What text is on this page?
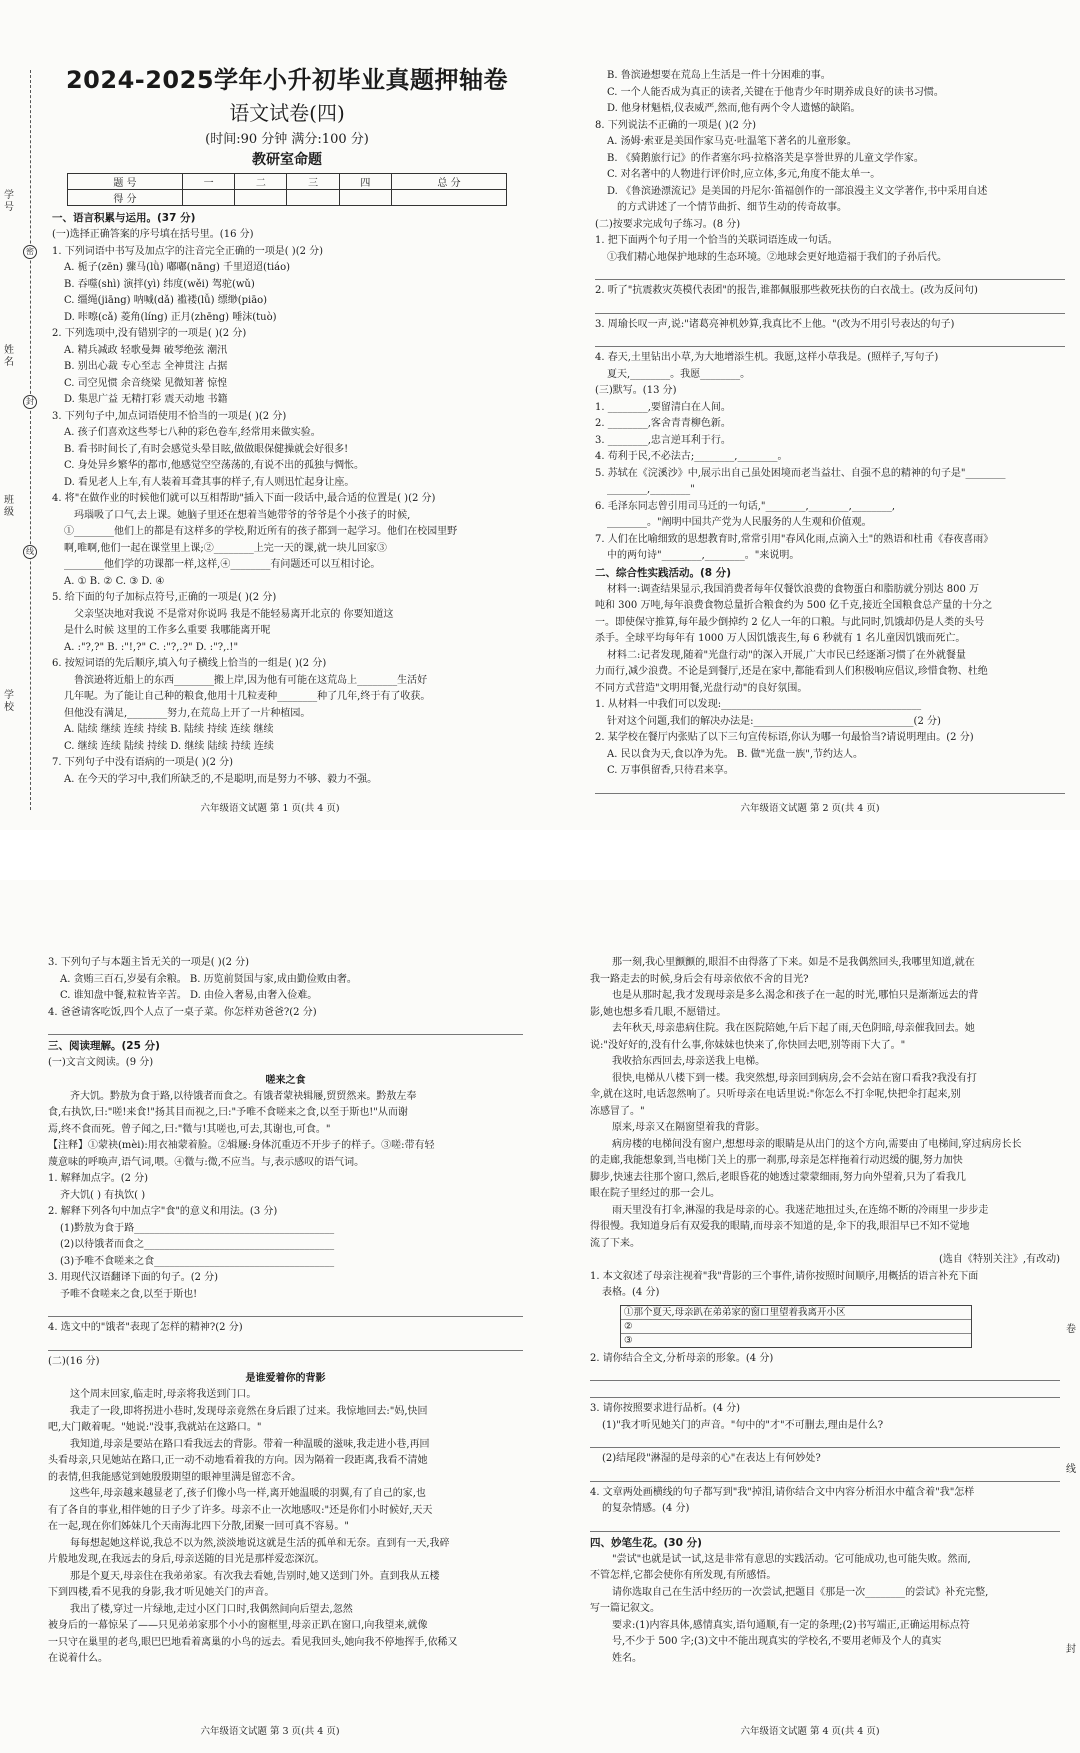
学号
姓名
班级
学校
密
封
线
2024-2025学年小升初毕业真题押轴卷
语文试卷(四)
(时间:90 分钟 满分:100 分)
教研室命题
题 号	一	二	三	四	总 分
得 分					
一、语言积累与运用。(37 分)
(一)选择正确答案的序号填在括号里。(16 分)
1. 下列词语中书写及加点字的注音完全正确的一项是( )(2 分)
A. 栀子(zēn) 骤马(lǜ) 嘟嘟(nāng) 千里迢迢(tiáo)
B. 吞噬(shì) 演拌(yì) 纬度(wěi) 驾驼(wǔ)
C. 缰绳(jiāng) 呐喊(dǎ) 褴褛(lǚ) 缥缈(piāo)
D. 咔嚓(cǎ) 菱角(líng) 正月(zhēng) 唾沫(tuò)
2. 下列选项中,没有错别字的一项是( )(2 分)
A. 精兵减政 轻歌曼舞 破琴绝弦 潮汛
B. 别出心裁 专心至志 全神贯注 占据
C. 司空见惯 余音绕梁 见微知著 惊惶
D. 集思广益 无精打彩 震天动地 书籍
3. 下列句子中,加点词语使用不恰当的一项是( )(2 分)
A. 孩子们喜欢这些琴七八种的彩色卷车,经常用来做实验。
B. 看书时间长了,有时会感觉头晕目眩,做做眼保健操就会好很多!
C. 身处异乡繁华的都市,他感觉空空荡荡的,有说不出的孤独与惆怅。
D. 看见老人上车,有人装着耳聋其事的样子,有人则迅忙起身让座。
4. 将"在做作业的时候他们就可以互相帮助"插入下面一段话中,最合适的位置是( )(2 分)
玛瑙吸了口气,去上课。她脑子里还在想着当她带爷的爷爷是个小孩子的时候,
①________他们上的都是有这样多的学校,附近所有的孩子都到一起学习。他们在校园里野
啊,唯啊,他们一起在课堂里上课;②________上完一天的课,就一块儿回家③
________他们学的功课都一样,这样,④________有问题还可以互相讨论。
A. ① B. ② C. ③ D. ④
5. 给下面的句子加标点符号,正确的一项是( )(2 分)
父亲坚决地对我说 不是常对你说吗 我是不能轻易离开北京的 你要知道这
是什么时候 这里的工作多么重要 我哪能离开呢
A. :"?,?" B. :"!,?" C. :"?,.?" D. :"?,.!"
6. 按短词语的先后顺序,填入句子横线上恰当的一组是( )(2 分)
鲁滨逊将近船上的东西________搬上岸,因为他有可能在这荒岛上________生活好
几年呢。为了能让自己种的粮食,他用十几粒麦种________种了几年,终于有了收获。
但他没有满足,________努力,在荒岛上开了一片种植园。
A. 陆续 继续 连续 持续 B. 陆续 持续 连续 继续
C. 继续 连续 陆续 持续 D. 继续 陆续 持续 连续
7. 下列句子中没有语病的一项是( )(2 分)
A. 在今天的学习中,我们所缺乏的,不是聪明,而是努力不够、毅力不强。
六年级语文试题 第 1 页(共 4 页)
B. 鲁滨逊想要在荒岛上生活是一件十分困难的事。
C. 一个人能否成为真正的读者,关键在于他青少年时期养成良好的读书习惯。
D. 他身材魁梧,仪表威严,然而,他有两个令人遗憾的缺陷。
8. 下列说法不正确的一项是( )(2 分)
A. 汤姆·索亚是美国作家马克·吐温笔下著名的儿童形象。
B. 《骑鹅旅行记》的作者塞尔玛·拉格洛芙是享誉世界的儿童文学作家。
C. 对名著中的人物进行评价时,应立体,多元,角度不能太单一。
D. 《鲁滨逊漂流记》是美国的丹尼尔·笛福创作的一部浪漫主义文学著作,书中采用自述
的方式讲述了一个情节曲折、细节生动的传奇故事。
(二)按要求完成句子练习。(8 分)
1. 把下面两个句子用一个恰当的关联词语连成一句话。
①我们精心地保护地球的生态环境。②地球会更好地造福于我们的子孙后代。
2. 听了"抗震救灾英模代表团"的报告,谁都佩服那些救死扶伤的白衣战士。(改为反问句)
3. 周瑜长叹一声,说:"诸葛亮神机妙算,我真比不上他。"(改为不用引号表达的句子)
4. 春天,土里钻出小草,为大地增添生机。我愿,这样小草我是。(照样子,写句子)
夏天,________。我愿________。
(三)默写。(13 分)
1. ________,要留清白在人间。
2. ________,客舍青青柳色新。
3. ________,忠言逆耳利于行。
4. 苟利于民,不必法古;________,________。
5. 苏轼在《浣溪沙》中,展示出自己虽处困境而老当益壮、自强不息的精神的句子是"________
________,________"
6. 毛泽东同志曾引用司马迁的一句话,"________,________,________,
________。"阐明中国共产党为人民服务的人生观和价值观。
7. 人们在比喻细致的思想教育时,常常引用"春风化雨,点滴入土"的熟语和杜甫《春夜喜雨》
中的两句诗"________,________。"来说明。
二、综合性实践活动。(8 分)
材料一:调查结果显示,我国消费者每年仅餐饮浪费的食物蛋白和脂肪就分别达 800 万
吨和 300 万吨,每年浪费食物总量折合粮食约为 500 亿千克,接近全国粮食总产量的十分之
一。即使保守推算,每年最少倒掉约 2 亿人一年的口粮。与此同时,饥饿却仍是人类的头号
杀手。全球平均每年有 1000 万人因饥饿丧生,每 6 秒就有 1 名儿童因饥饿而死亡。
材料二:记者发现,随着"光盘行动"的深入开展,广大市民已经逐渐习惯了在外就餐量
力而行,减少浪费。不论是到餐厅,还是在家中,都能看到人们积极响应倡议,珍惜食物、杜绝
不同方式营造"文明用餐,光盘行动"的良好氛围。
1. 从材料一中我们可以发现:________________________________________
针对这个问题,我们的解决办法是:________________________________(2 分)
2. 某学校在餐厅内张贴了以下三句宣传标语,你认为哪一句最恰当?请说明理由。(2 分)
A. 民以食为天,食以净为先。 B. 做"光盘一族",节约达人。
C. 万事俱留香,只待君来享。
六年级语文试题 第 2 页(共 4 页)
3. 下列句子与本题主旨无关的一项是( )(2 分)
A. 贪贿三百石,岁晏有余粮。 B. 历览前贤国与家,成由勤俭败由奢。
C. 谁知盘中餐,粒粒皆辛苦。 D. 由俭入奢易,由奢入俭难。
4. 爸爸请客吃饭,四个人点了一桌子菜。你怎样劝爸爸?(2 分)
三、阅读理解。(25 分)
(一)文言文阅读。(9 分)
嗟来之食
齐大饥。黔敖为食于路,以待饿者而食之。有饿者蒙袂辑屦,贸贸然来。黔敖左奉
食,右执饮,曰:"嗟!来食!"扬其目而视之,曰:"予唯不食嗟来之食,以至于斯也!"从而谢
焉,终不食而死。曾子闻之,曰:"微与!其嗟也,可去,其谢也,可食。"
【注释】①蒙袂(mèi):用衣袖蒙着脸。②辑屦:身体沉重迈不开步子的样子。③嗟:带有轻
蔑意味的呼唤声,语气词,喂。④微与:微,不应当。与,表示感叹的语气词。
1. 解释加点字。(2 分)
齐大饥( ) 有执饮( )
2. 解释下列各句中加点字"食"的意义和用法。(3 分)
(1)黔敖为食于路________________________________________
(2)以待饿者而食之______________________________________
(3)予唯不食嗟来之食____________________________________
3. 用现代汉语翻译下面的句子。(2 分)
予唯不食嗟来之食,以至于斯也!
4. 选文中的"饿者"表现了怎样的精神?(2 分)
(二)(16 分)
是谁爱着你的背影
这个周末回家,临走时,母亲将我送到门口。
我走了一段,即将拐进小巷时,发现母亲竟然在身后跟了过来。我惊地回去:"妈,快回
吧,大门敞着呢。"她说:"没事,我就站在这路口。"
我知道,母亲是要站在路口看我远去的背影。带着一种温暖的滋味,我走进小巷,再回
头看母亲,只见她站在路口,正一动不动地看着我的方向。因为隔着一段距离,我看不清她
的表情,但我能感觉到她殷殷期望的眼神里满是留恋不舍。
这些年,母亲越来越显老了,孩子们像小鸟一样,离开她温暖的羽翼,有了自己的家,也
有了各自的事业,相伴她的日子少了许多。母亲不止一次地感叹:"还是你们小时候好,天天
在一起,现在你们姊妹几个天南海北四下分散,团聚一回可真不容易。"
每每想起她这样说,我总不以为然,淡淡地说这就是生活的孤单和无奈。直到有一天,我碎
片般地发现,在我远去的身后,母亲送随的目光是那样爱恋深沉。
那是个夏天,母亲住在我弟弟家。有次我去看她,告别时,她又送到门外。直到我从五楼
下到四楼,看不见我的身影,我才听见她关门的声音。
我出了楼,穿过一片绿地,走过小区门口时,我偶然间向后望去,忽然
被身后的一幕惊呆了——只见弟弟家那个小小的窗框里,母亲正趴在窗口,向我望来,就像
一只守在巢里的老鸟,眼巴巴地看着离巢的小鸟的远去。看见我回头,她向我不停地挥手,依稀又
在说着什么。
六年级语文试题 第 3 页(共 4 页)
卷
线
封
那一刻,我心里颤颤的,眼泪不由得落了下来。如是不是我偶然回头,我哪里知道,就在
我一路走去的时候,身后会有母亲依依不舍的目光?
也是从那时起,我才发现母亲是多么渴念和孩子在一起的时光,哪怕只是渐渐远去的背
影,她也想多看几眼,不愿错过。
去年秋天,母亲患病住院。我在医院陪她,午后下起了雨,天色阴暗,母亲催我回去。她
说:"没好好的,没有什么事,你妹妹也快来了,你快回去吧,别等雨下大了。"
我收拾东西回去,母亲送我上电梯。
很快,电梯从八楼下到一楼。我突然想,母亲回到病房,会不会站在窗口看我?我没有打
伞,就在这时,电话忽然响了。只听母亲在电话里说:"你怎么不打伞呢,快把伞打起来,别
冻感冒了。"
原来,母亲又在隔窗望着我的背影。
病房楼的电梯间没有窗户,想想母亲的眼睛是从出门的这个方向,需要由了电梯间,穿过病房长长
的走廊,我能想象到,当电梯门关上的那一刹那,母亲是怎样拖着行动迟缓的腿,努力加快
脚步,快速去往那个窗口,然后,老眼昏花的她透过蒙蒙细雨,努力向外望着,只为了看我几
眼在院子里经过的那一会儿。
雨天里没有打伞,淋湿的我是母亲的心。我迷茫地扭过头,在连绵不断的冷雨里一步步走
得很慢。我知道身后有双爱我的眼睛,而母亲不知道的是,伞下的我,眼泪早已不知不觉地
流了下来。
(选自《特别关注》,有改动)
1. 本文叙述了母亲注视着"我"背影的三个事件,请你按照时间顺序,用概括的语言补充下面
表格。(4 分)
①那个夏天,母亲趴在弟弟家的窗口里望着我离开小区
②
③
2. 请你结合全文,分析母亲的形象。(4 分)
3. 请你按照要求进行品析。(4 分)
(1)"我才听见她关门的声音。"句中的"才"不可删去,理由是什么?
(2)结尾段"淋湿的是母亲的心"在表达上有何妙处?
4. 文章两处画横线的句子都写到"我"掉泪,请你结合文中内容分析泪水中蕴含着"我"怎样
的复杂情感。(4 分)
四、妙笔生花。(30 分)
"尝试"也就是试一试,这是非常有意思的实践活动。它可能成功,也可能失败。然而,
不管怎样,它都会使你有所发现,有所感悟。
请你选取自己在生活中经历的一次尝试,把题目《那是一次________的尝试》补充完整,
写一篇记叙文。
要求:(1)内容具体,感情真实,语句通顺,有一定的条理;(2)书写端正,正确运用标点符
号,不少于 500 字;(3)文中不能出现真实的学校名,不要用老师及个人的真实
姓名。
六年级语文试题 第 4 页(共 4 页)
